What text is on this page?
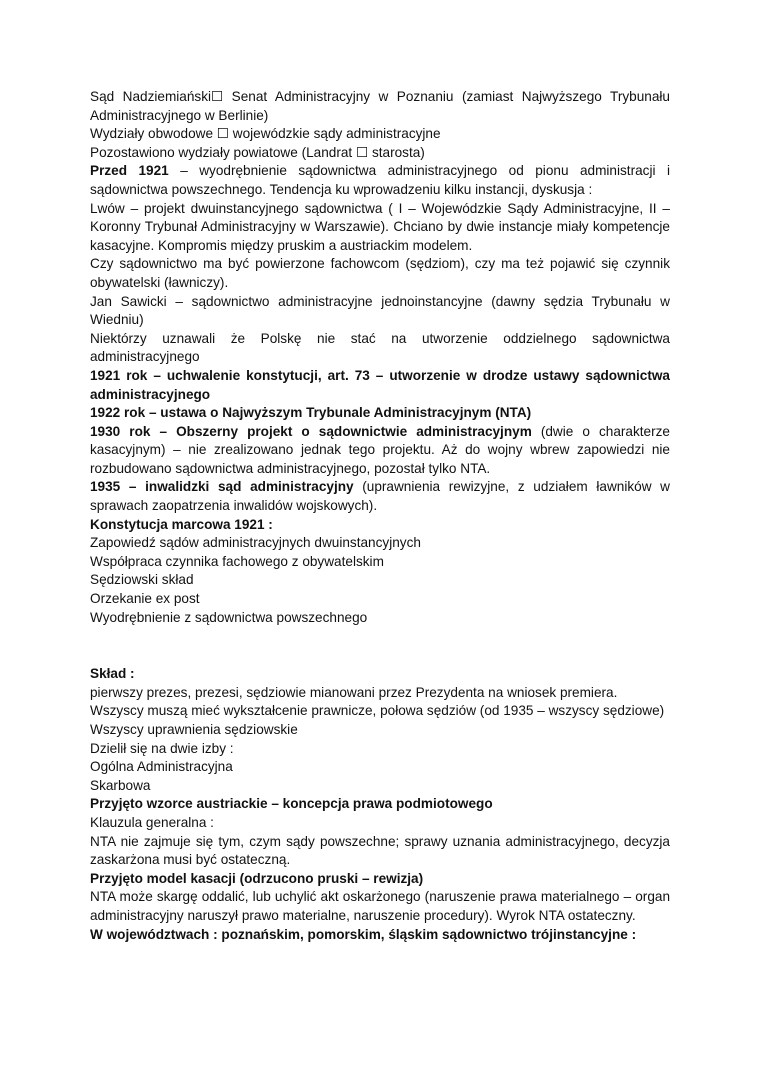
Sąd Nadziemiański☐ Senat Administracyjny w Poznaniu (zamiast Najwyższego Trybunału Administracyjnego w Berlinie)

Wydziały obwodowe ☐ wojewódzkie sądy administracyjne

Pozostawiono wydziały powiatowe (Landrat ☐ starosta)

Przed 1921 – wyodrębnienie sądownictwa administracyjnego od pionu administracji i sądownictwa powszechnego. Tendencja ku wprowadzeniu kilku instancji, dyskusja :

Lwów – projekt dwuinstancyjnego sądownictwa ( I – Wojewódzkie Sądy Administracyjne, II – Koronny Trybunał Administracyjny w Warszawie). Chciano by dwie instancje miały kompetencje kasacyjne. Kompromis między pruskim a austriackim modelem.

Czy sądownictwo ma być powierzone fachowcom (sędziom), czy ma też pojawić się czynnik obywatelski (ławniczy).

Jan Sawicki – sądownictwo administracyjne jednoinstancyjne (dawny sędzia Trybunału w Wiedniu)

Niektórzy uznawali że Polskę nie stać na utworzenie oddzielnego sądownictwa administracyjnego

1921 rok – uchwalenie konstytucji, art. 73 – utworzenie w drodze ustawy sądownictwa administracyjnego

1922 rok – ustawa o Najwyższym Trybunale Administracyjnym (NTA)

1930 rok – Obszerny projekt o sądownictwie administracyjnym (dwie o charakterze kasacyjnym) – nie zrealizowano jednak tego projektu. Aż do wojny wbrew zapowiedzi nie rozbudowano sądownictwa administracyjnego, pozostał tylko NTA.

1935 – inwalidzki sąd administracyjny (uprawnienia rewizyjne, z udziałem ławników w sprawach zaopatrzenia inwalidów wojskowych).

Konstytucja marcowa 1921 :

Zapowiedź sądów administracyjnych dwuinstancyjnych

Współpraca czynnika fachowego z obywatelskim

Sędziowski skład

Orzekanie ex post

Wyodrębnienie z sądownictwa powszechnego

Skład :

pierwszy prezes, prezesi, sędziowie mianowani przez Prezydenta na wniosek premiera.

Wszyscy muszą mieć wykształcenie prawnicze, połowa sędziów (od 1935 – wszyscy sędziowe)

Wszyscy uprawnienia sędziowskie

Dzielił się na dwie izby :

Ogólna Administracyjna

Skarbowa

Przyjęto wzorce austriackie – koncepcja prawa podmiotowego

Klauzula generalna :

NTA nie zajmuje się tym, czym sądy powszechne; sprawy uznania administracyjnego, decyzja zaskarżona musi być ostateczną.

Przyjęto model kasacji (odrzucono pruski – rewizja)

NTA może skargę oddalić, lub uchylić akt oskarżonego (naruszenie prawa materialnego – organ administracyjny naruszył prawo materialne, naruszenie procedury). Wyrok NTA ostateczny.

W województwach : poznańskim, pomorskim, śląskim sądownictwo trójinstancyjne :
